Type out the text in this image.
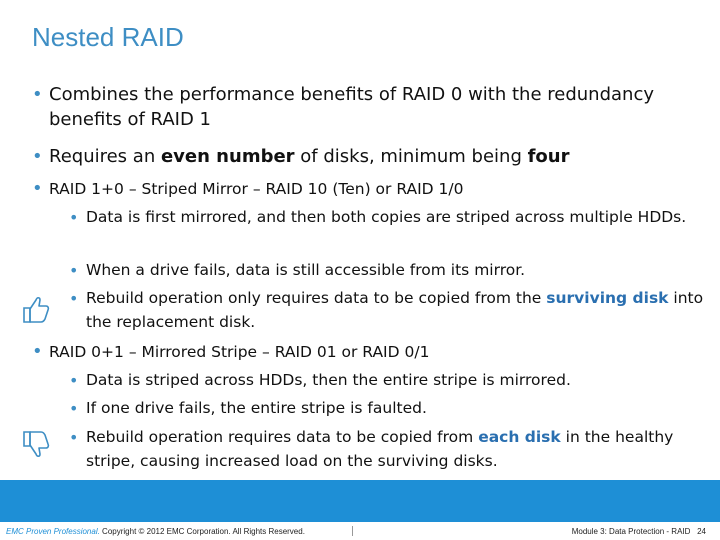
Nested RAID
•
Combines the performance benefits of RAID 0 with the redundancy benefits of RAID 1
•
Requires an even number of disks, minimum being four
•
RAID 1+0 – Striped Mirror – RAID 10 (Ten) or RAID 1/0
•
Data is first mirrored, and then both copies are striped across multiple HDDs.
•
When a drive fails, data is still accessible from its mirror.
•
Rebuild operation only requires data to be copied from the surviving disk into the replacement disk.
•
RAID 0+1 – Mirrored Stripe – RAID 01 or RAID 0/1
•
Data is striped across HDDs, then the entire stripe is mirrored.
•
If one drive fails, the entire stripe is faulted.
•
Rebuild operation requires data to be copied from each disk in the healthy stripe, causing increased load on the surviving disks.
EMC Proven Professional. Copyright © 2012 EMC Corporation. All Rights Reserved.	Module 3: Data Protection - RAID 24
